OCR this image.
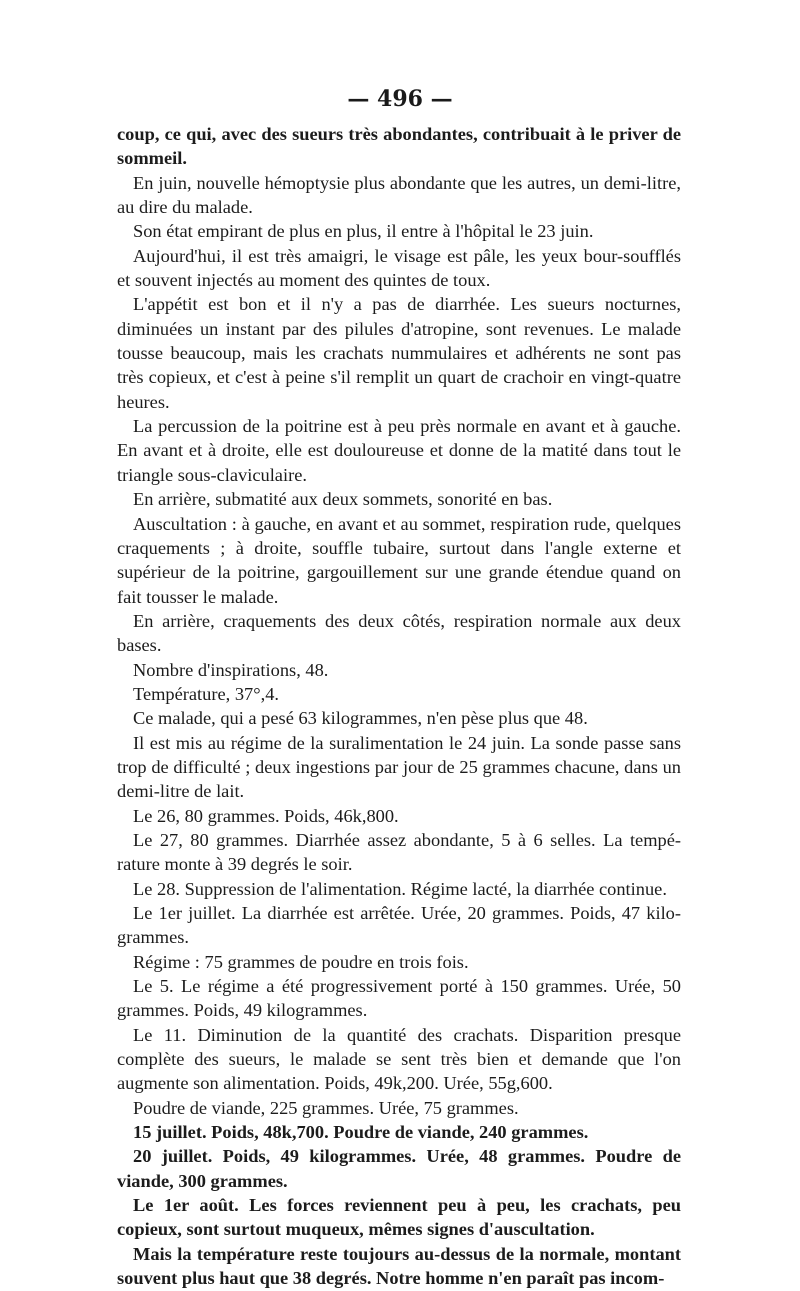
— 496 —

coup, ce qui, avec des sueurs très abondantes, contribuait à le priver de sommeil.

En juin, nouvelle hémoptysie plus abondante que les autres, un demi-litre, au dire du malade.

Son état empirant de plus en plus, il entre à l'hôpital le 23 juin.

Aujourd'hui, il est très amaigri, le visage est pâle, les yeux bour-soufflés et souvent injectés au moment des quintes de toux.

L'appétit est bon et il n'y a pas de diarrhée. Les sueurs nocturnes, diminuées un instant par des pilules d'atropine, sont revenues. Le malade tousse beaucoup, mais les crachats nummulaires et adhérents ne sont pas très copieux, et c'est à peine s'il remplit un quart de crachoir en vingt-quatre heures.

La percussion de la poitrine est à peu près normale en avant et à gauche. En avant et à droite, elle est douloureuse et donne de la matité dans tout le triangle sous-claviculaire.

En arrière, submatité aux deux sommets, sonorité en bas.

Auscultation : à gauche, en avant et au sommet, respiration rude, quelques craquements ; à droite, souffle tubaire, surtout dans l'angle externe et supérieur de la poitrine, gargouillement sur une grande étendue quand on fait tousser le malade.

En arrière, craquements des deux côtés, respiration normale aux deux bases.

Nombre d'inspirations, 48.

Température, 37°,4.

Ce malade, qui a pesé 63 kilogrammes, n'en pèse plus que 48.

Il est mis au régime de la suralimentation le 24 juin. La sonde passe sans trop de difficulté ; deux ingestions par jour de 25 grammes chacune, dans un demi-litre de lait.

Le 26, 80 grammes. Poids, 46k,800.

Le 27, 80 grammes. Diarrhée assez abondante, 5 à 6 selles. La tempé-rature monte à 39 degrés le soir.

Le 28. Suppression de l'alimentation. Régime lacté, la diarrhée continue.

Le 1er juillet. La diarrhée est arrêtée. Urée, 20 grammes. Poids, 47 kilo-grammes.

Régime : 75 grammes de poudre en trois fois.

Le 5. Le régime a été progressivement porté à 150 grammes. Urée, 50 grammes. Poids, 49 kilogrammes.

Le 11. Diminution de la quantité des crachats. Disparition presque complète des sueurs, le malade se sent très bien et demande que l'on augmente son alimentation. Poids, 49k,200. Urée, 55g,600.

Poudre de viande, 225 grammes. Urée, 75 grammes.

15 juillet. Poids, 48k,700. Poudre de viande, 240 grammes.

20 juillet. Poids, 49 kilogrammes. Urée, 48 grammes. Poudre de viande, 300 grammes.

Le 1er août. Les forces reviennent peu à peu, les crachats, peu copieux, sont surtout muqueux, mêmes signes d'auscultation.

Mais la température reste toujours au-dessus de la normale, montant souvent plus haut que 38 degrés. Notre homme n'en paraît pas incom-
